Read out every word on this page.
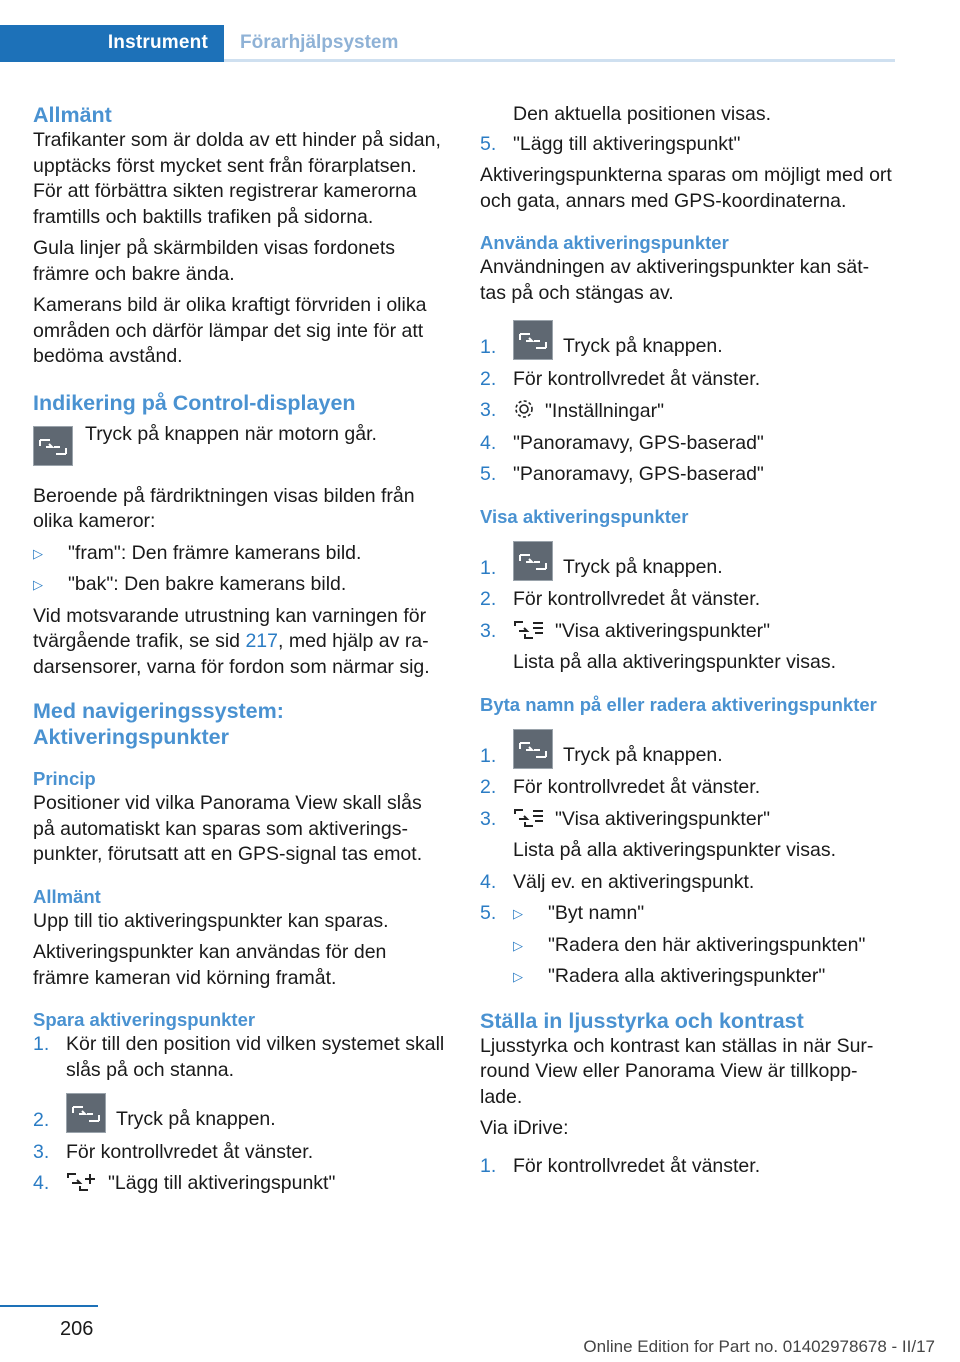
Instrument Förarhjälpsystem
Allmänt

Trafikanter som är dolda av ett hinder på sidan, upptäcks först mycket sent från förarplatsen. För att förbättra sikten registrerar kamerorna framtills och baktills trafiken på sidorna.

Gula linjer på skärmbilden visas fordonets främre och bakre ända.

Kamerans bild är olika kraftigt förvriden i olika områden och därför lämpar det sig inte för att bedöma avstånd.

Indikering på Control-displayen
Tryck på knappen när motorn går.

Beroende på färdriktningen visas bilden från olika kameror:

▷	"fram": Den främre kamerans bild.
▷	"bak": Den bakre kamerans bild.

Vid motsvarande utrustning kan varningen för tvärgående trafik, se sid 217, med hjälp av ra-darsensorer, varna för fordon som närmar sig.

Med navigeringssystem: Aktiveringspunkter
Princip

Positioner vid vilka Panorama View skall slås på automatiskt kan sparas som aktiverings-punkter, förutsatt att en GPS-signal tas emot.

Allmänt

Upp till tio aktiveringspunkter kan sparas.

Aktiveringspunkter kan användas för den främre kameran vid körning framåt.

Spara aktiveringspunkter
1. Kör till den position vid vilken systemet skall slås på och stanna.
2.	Tryck på knappen.
3. För kontrollvredet åt vänster.
4.	"Lägg till aktiveringspunkt"
Den aktuella positionen visas.
5. "Lägg till aktiveringspunkt"

Aktiveringspunkterna sparas om möjligt med ort och gata, annars med GPS-koordinaterna.

Använda aktiveringspunkter

Användningen av aktiveringspunkter kan sät-tas på och stängas av.

1.	Tryck på knappen.
2. För kontrollvredet åt vänster.
3.	"Inställningar"
4. "Panoramavy, GPS-baserad"
5. "Panoramavy, GPS-baserad"
Visa aktiveringspunkter
1.	Tryck på knappen.
2. För kontrollvredet åt vänster.
3.	"Visa aktiveringspunkter"
Lista på alla aktiveringspunkter visas.
Byta namn på eller radera aktiveringspunkter
1.	Tryck på knappen.
2. För kontrollvredet åt vänster.
3.	"Visa aktiveringspunkter"
Lista på alla aktiveringspunkter visas.
4. Välj ev. en aktiveringspunkt.
5.	▷	"Byt namn"
▷	"Radera den här aktiveringspunkten"
▷	"Radera alla aktiveringspunkter"
Ställa in ljusstyrka och kontrast

Ljusstyrka och kontrast kan ställas in när Sur-round View eller Panorama View är tillkopp-lade.

Via iDrive:

1. För kontrollvredet åt vänster.
206
Online Edition for Part no. 01402978678 - II/17
